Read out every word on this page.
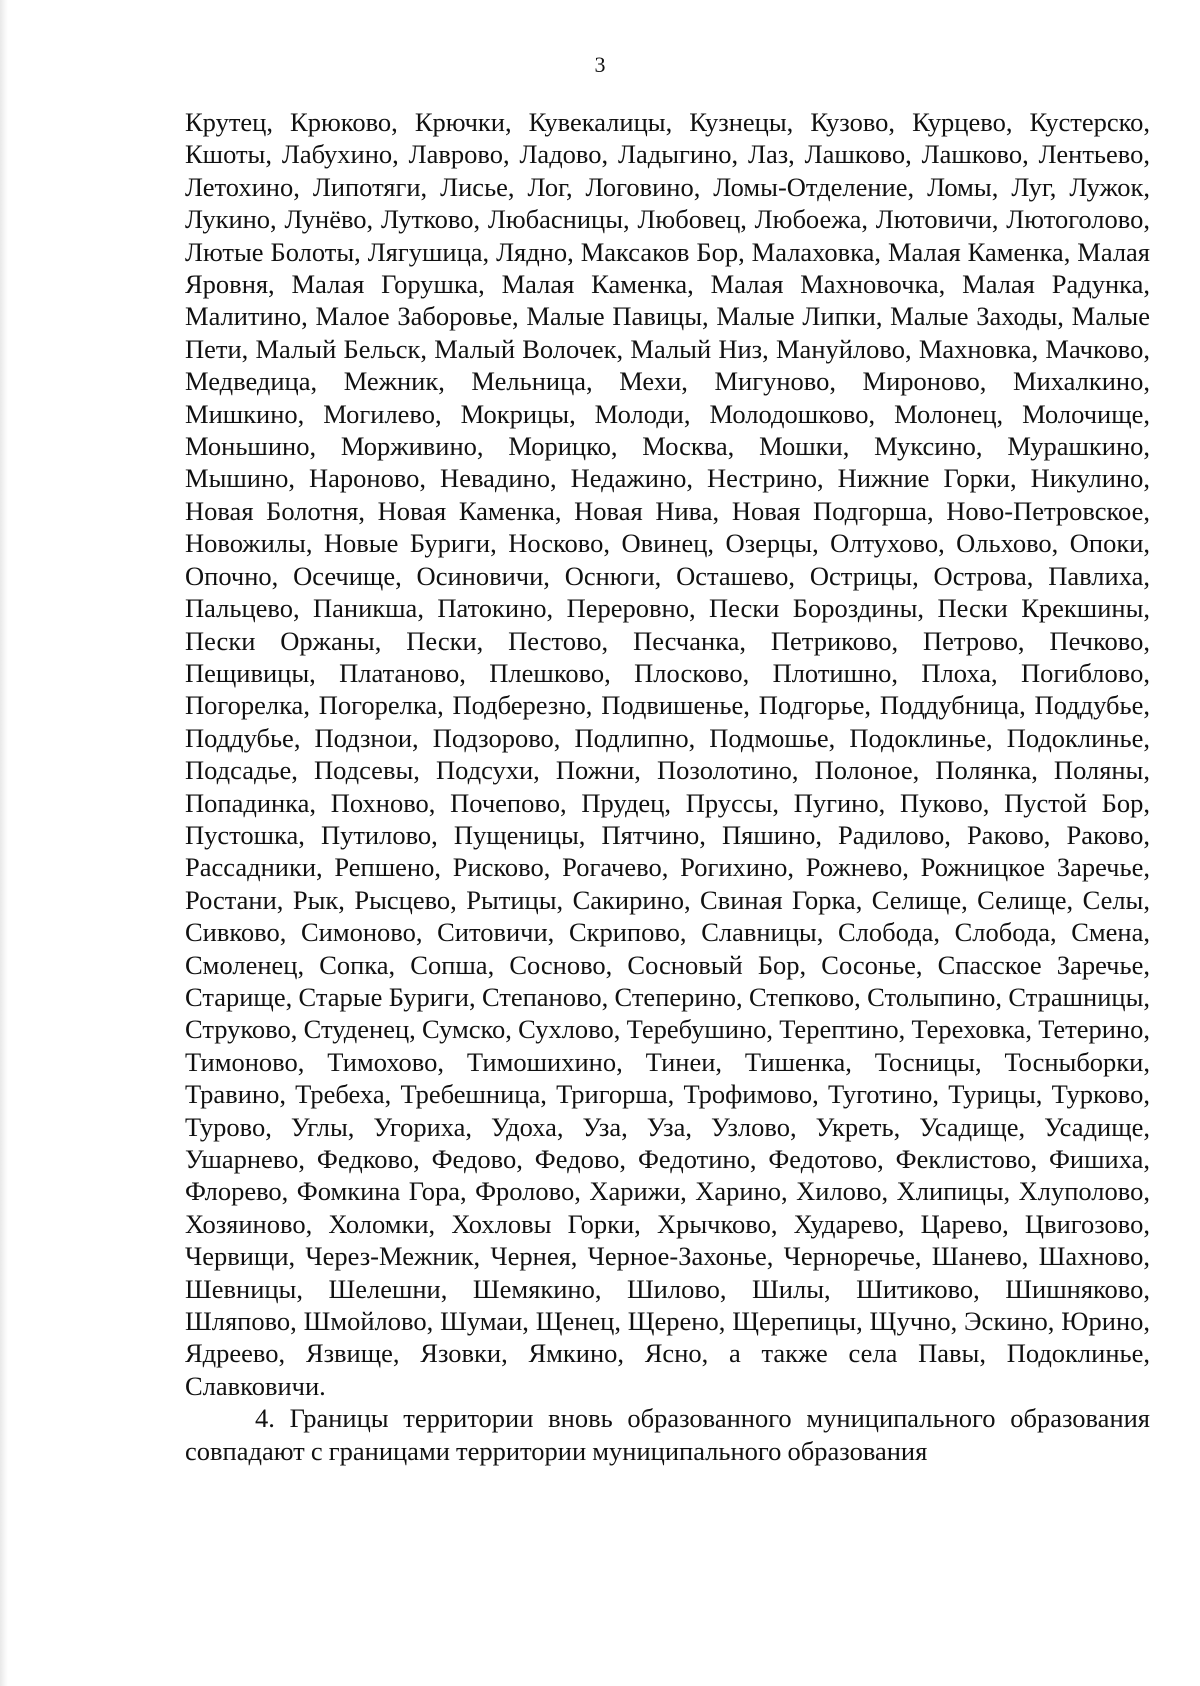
3

Крутец, Крюково, Крючки, Кувекалицы, Кузнецы, Кузово, Курцево, Кустерско, Кшоты, Лабухино, Лаврово, Ладово, Ладыгино, Лаз, Лашково, Лашково, Лентьево, Летохино, Липотяги, Лисье, Лог, Логовино, Ломы-Отделение, Ломы, Луг, Лужок, Лукино, Лунёво, Лутково, Любасницы, Любовец, Любоежа, Лютовичи, Лютоголово, Лютые Болоты, Лягушица, Лядно, Максаков Бор, Малаховка, Малая Каменка, Малая Яровня, Малая Горушка, Малая Каменка, Малая Махновочка, Малая Радунка, Малитино, Малое Заборовье, Малые Павицы, Малые Липки, Малые Заходы, Малые Пети, Малый Бельск, Малый Волочек, Малый Низ, Мануйлово, Махновка, Мачково, Медведица, Межник, Мельница, Мехи, Мигуново, Мироново, Михалкино, Мишкино, Могилево, Мокрицы, Молоди, Молодошково, Молонец, Молочище, Моньшино, Морживино, Морицко, Москва, Мошки, Муксино, Мурашкино, Мышино, Нароново, Невадино, Недажино, Нестрино, Нижние Горки, Никулино, Новая Болотня, Новая Каменка, Новая Нива, Новая Подгорша, Ново-Петровское, Новожилы, Новые Буриги, Носково, Овинец, Озерцы, Олтухово, Ольхово, Опоки, Опочно, Осечище, Осиновичи, Оснюги, Осташево, Острицы, Острова, Павлиха, Пальцево, Паникша, Патокино, Переровно, Пески Бороздины, Пески Крекшины, Пески Оржаны, Пески, Пестово, Песчанка, Петриково, Петрово, Печково, Пещивицы, Платаново, Плешково, Плосково, Плотишно, Плоха, Погиблово, Погорелка, Погорелка, Подберезно, Подвишенье, Подгорье, Поддубница, Поддубье, Поддубье, Подзнои, Подзорово, Подлипно, Подмошье, Подоклинье, Подоклинье, Подсадье, Подсевы, Подсухи, Пожни, Позолотино, Полоное, Полянка, Поляны, Попадинка, Похново, Почепово, Прудец, Пруссы, Пугино, Пуково, Пустой Бор, Пустошка, Путилово, Пущеницы, Пятчино, Пяшино, Радилово, Раково, Раково, Рассадники, Репшено, Рисково, Рогачево, Рогихино, Рожнево, Рожницкое Заречье, Ростани, Рык, Рысцево, Рытицы, Сакирино, Свиная Горка, Селище, Селище, Селы, Сивково, Симоново, Ситовичи, Скрипово, Славницы, Слобода, Слобода, Смена, Смоленец, Сопка, Сопша, Сосново, Сосновый Бор, Сосонье, Спасское Заречье, Старище, Старые Буриги, Степаново, Степерино, Степково, Столыпино, Страшницы, Струково, Студенец, Сумско, Сухлово, Теребушино, Терептино, Тереховка, Тетерино, Тимоново, Тимохово, Тимошихино, Тинеи, Тишенка, Тосницы, Тосныборки, Травино, Требеха, Требешница, Тригорша, Трофимово, Туготино, Турицы, Турково, Турово, Углы, Угориха, Удоха, Уза, Уза, Узлово, Укреть, Усадище, Усадище, Ушарнево, Федково, Федово, Федово, Федотино, Федотово, Феклистово, Фишиха, Флорево, Фомкина Гора, Фролово, Харижи, Харино, Хилово, Хлипицы, Хлуполово, Хозяиново, Холомки, Хохловы Горки, Хрычково, Хударево, Царево, Цвигозово, Червищи, Через-Межник, Чернея, Черное-Захонье, Черноречье, Шанево, Шахново, Шевницы, Шелешни, Шемякино, Шилово, Шилы, Шитиково, Шишняково, Шляпово, Шмойлово, Шумаи, Щенец, Щерено, Щерепицы, Щучно, Эскино, Юрино, Ядреево, Язвище, Язовки, Ямкино, Ясно, а также села Павы, Подоклинье, Славковичи.

4. Границы территории вновь образованного муниципального образования совпадают с границами территории муниципального образования
